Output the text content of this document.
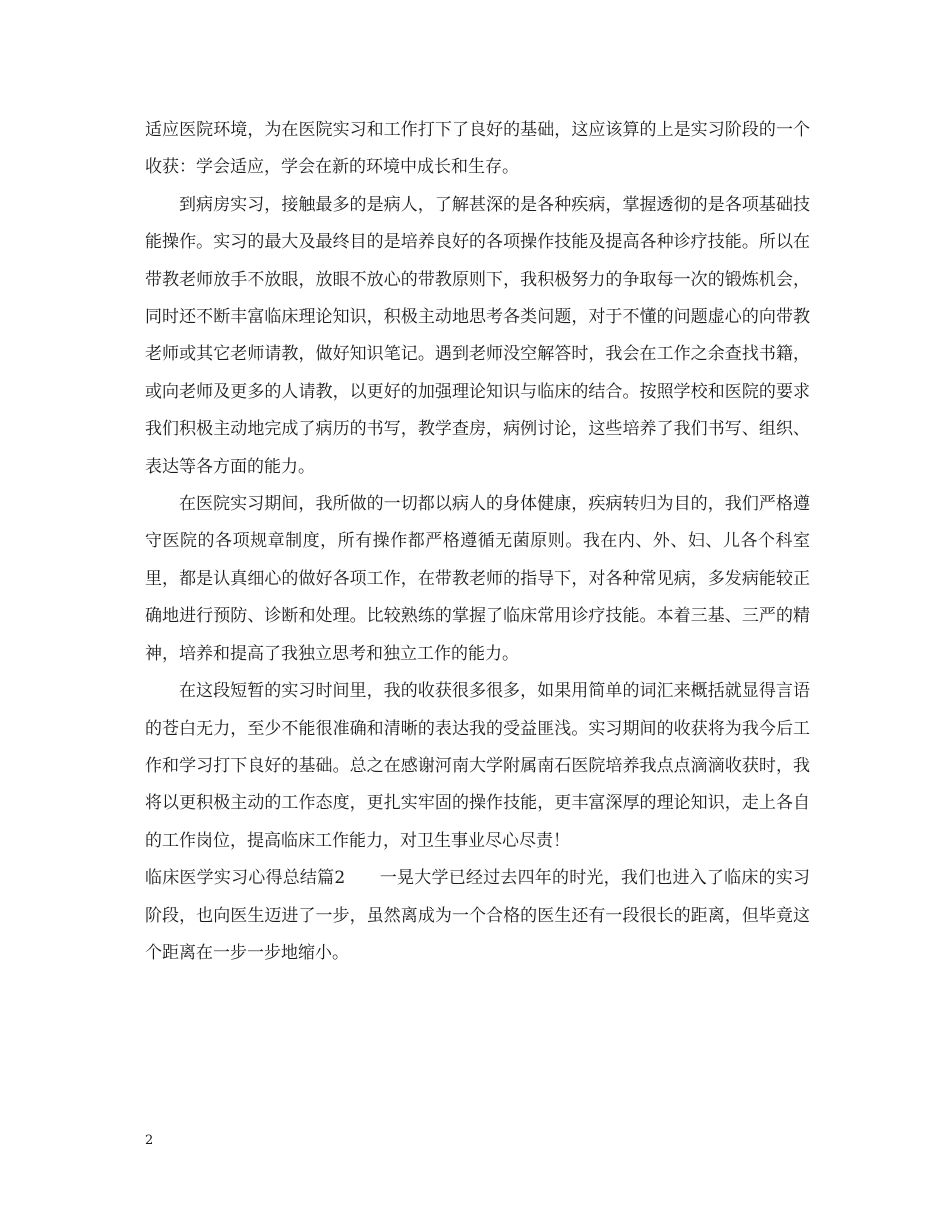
适应医院环境，为在医院实习和工作打下了良好的基础，这应该算的上是实习阶段的一个收获：学会适应，学会在新的环境中成长和生存。

到病房实习，接触最多的是病人，了解甚深的是各种疾病，掌握透彻的是各项基础技能操作。实习的最大及最终目的是培养良好的各项操作技能及提高各种诊疗技能。所以在带教老师放手不放眼，放眼不放心的带教原则下，我积极努力的争取每一次的锻炼机会，同时还不断丰富临床理论知识，积极主动地思考各类问题，对于不懂的问题虚心的向带教老师或其它老师请教，做好知识笔记。遇到老师没空解答时，我会在工作之余查找书籍，或向老师及更多的人请教，以更好的加强理论知识与临床的结合。按照学校和医院的要求我们积极主动地完成了病历的书写，教学查房，病例讨论，这些培养了我们书写、组织、表达等各方面的能力。

在医院实习期间，我所做的一切都以病人的身体健康，疾病转归为目的，我们严格遵守医院的各项规章制度，所有操作都严格遵循无菌原则。我在内、外、妇、儿各个科室里，都是认真细心的做好各项工作，在带教老师的指导下，对各种常见病，多发病能较正确地进行预防、诊断和处理。比较熟练的掌握了临床常用诊疗技能。本着三基、三严的精神，培养和提高了我独立思考和独立工作的能力。

在这段短暂的实习时间里，我的收获很多很多，如果用简单的词汇来概括就显得言语的苍白无力，至少不能很准确和清晰的表达我的受益匪浅。实习期间的收获将为我今后工作和学习打下良好的基础。总之在感谢河南大学附属南石医院培养我点点滴滴收获时，我将以更积极主动的工作态度，更扎实牢固的操作技能，更丰富深厚的理论知识，走上各自的工作岗位，提高临床工作能力，对卫生事业尽心尽责！

临床医学实习心得总结篇2　　 一晃大学已经过去四年的时光，我们也进入了临床的实习阶段，也向医生迈进了一步，虽然离成为一个合格的医生还有一段很长的距离，但毕竟这个距离在一步一步地缩小。

2
